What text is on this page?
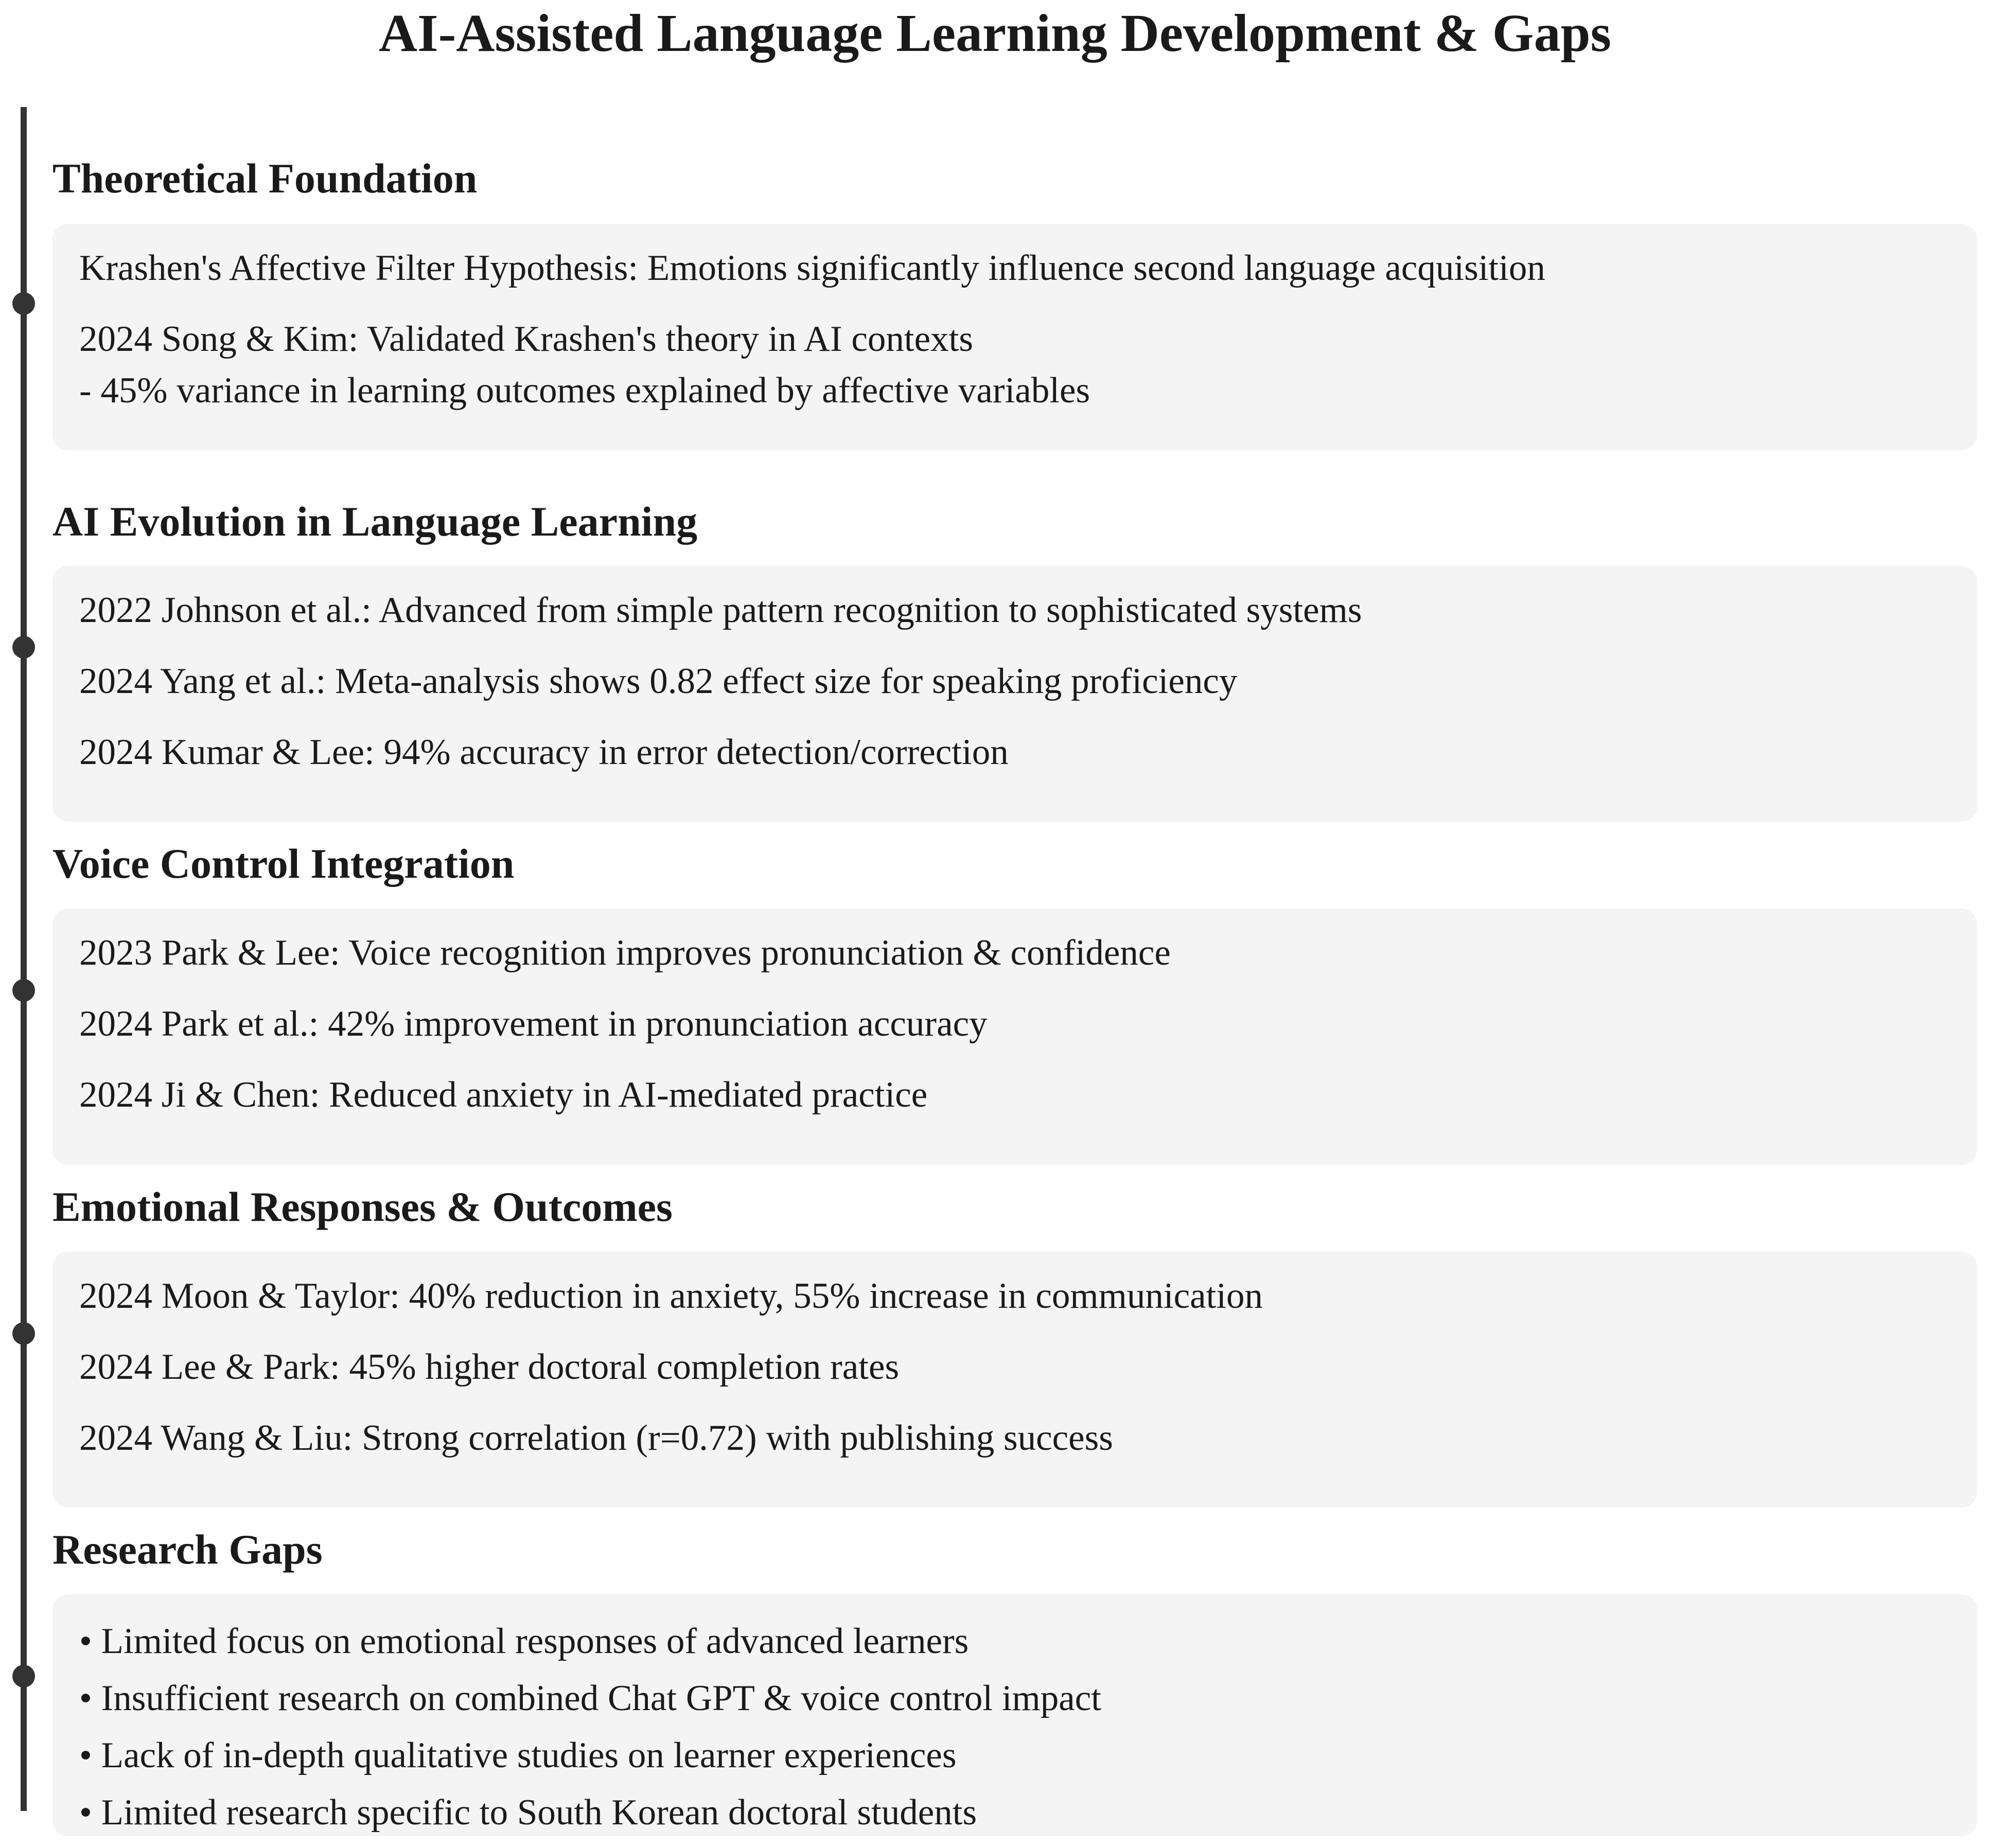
AI-Assisted Language Learning Development & Gaps
Theoretical Foundation
Krashen's Affective Filter Hypothesis: Emotions significantly influence second language acquisition
2024 Song & Kim: Validated Krashen's theory in AI contexts
- 45% variance in learning outcomes explained by affective variables
AI Evolution in Language Learning
2022 Johnson et al.: Advanced from simple pattern recognition to sophisticated systems
2024 Yang et al.: Meta-analysis shows 0.82 effect size for speaking proficiency
2024 Kumar & Lee: 94% accuracy in error detection/correction
Voice Control Integration
2023 Park & Lee: Voice recognition improves pronunciation & confidence
2024 Park et al.: 42% improvement in pronunciation accuracy
2024 Ji & Chen: Reduced anxiety in AI-mediated practice
Emotional Responses & Outcomes
2024 Moon & Taylor: 40% reduction in anxiety, 55% increase in communication
2024 Lee & Park: 45% higher doctoral completion rates
2024 Wang & Liu: Strong correlation (r=0.72) with publishing success
Research Gaps
• Limited focus on emotional responses of advanced learners
• Insufficient research on combined Chat GPT & voice control impact
• Lack of in-depth qualitative studies on learner experiences
• Limited research specific to South Korean doctoral students
